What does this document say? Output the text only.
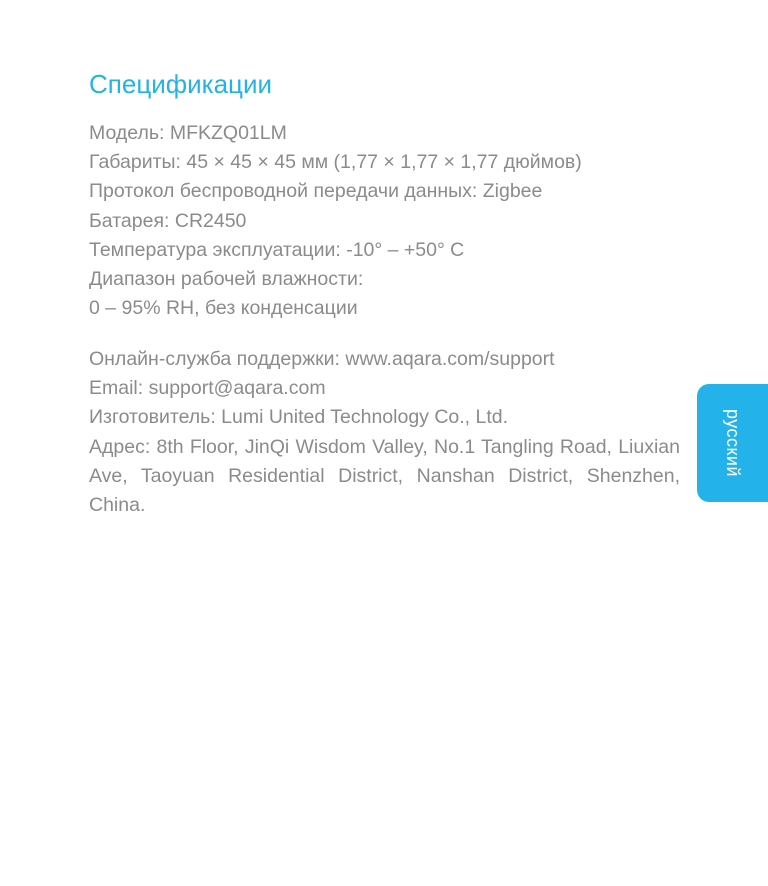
Спецификации
Модель: MFKZQ01LM
Габариты: 45 × 45 × 45 мм (1,77 × 1,77 × 1,77 дюймов)
Протокол беспроводной передачи данных: Zigbee
Батарея: CR2450
Температура эксплуатации: -10° – +50° C
Диапазон рабочей влажности:
0 – 95% RH, без конденсации
Онлайн-служба поддержки: www.aqara.com/support
Email: support@aqara.com
Изготовитель: Lumi United Technology Co., Ltd.
Адрес: 8th Floor, JinQi Wisdom Valley, No.1 Tangling Road, Liuxian Ave, Taoyuan Residential District, Nanshan District, Shenzhen, China.
русский
